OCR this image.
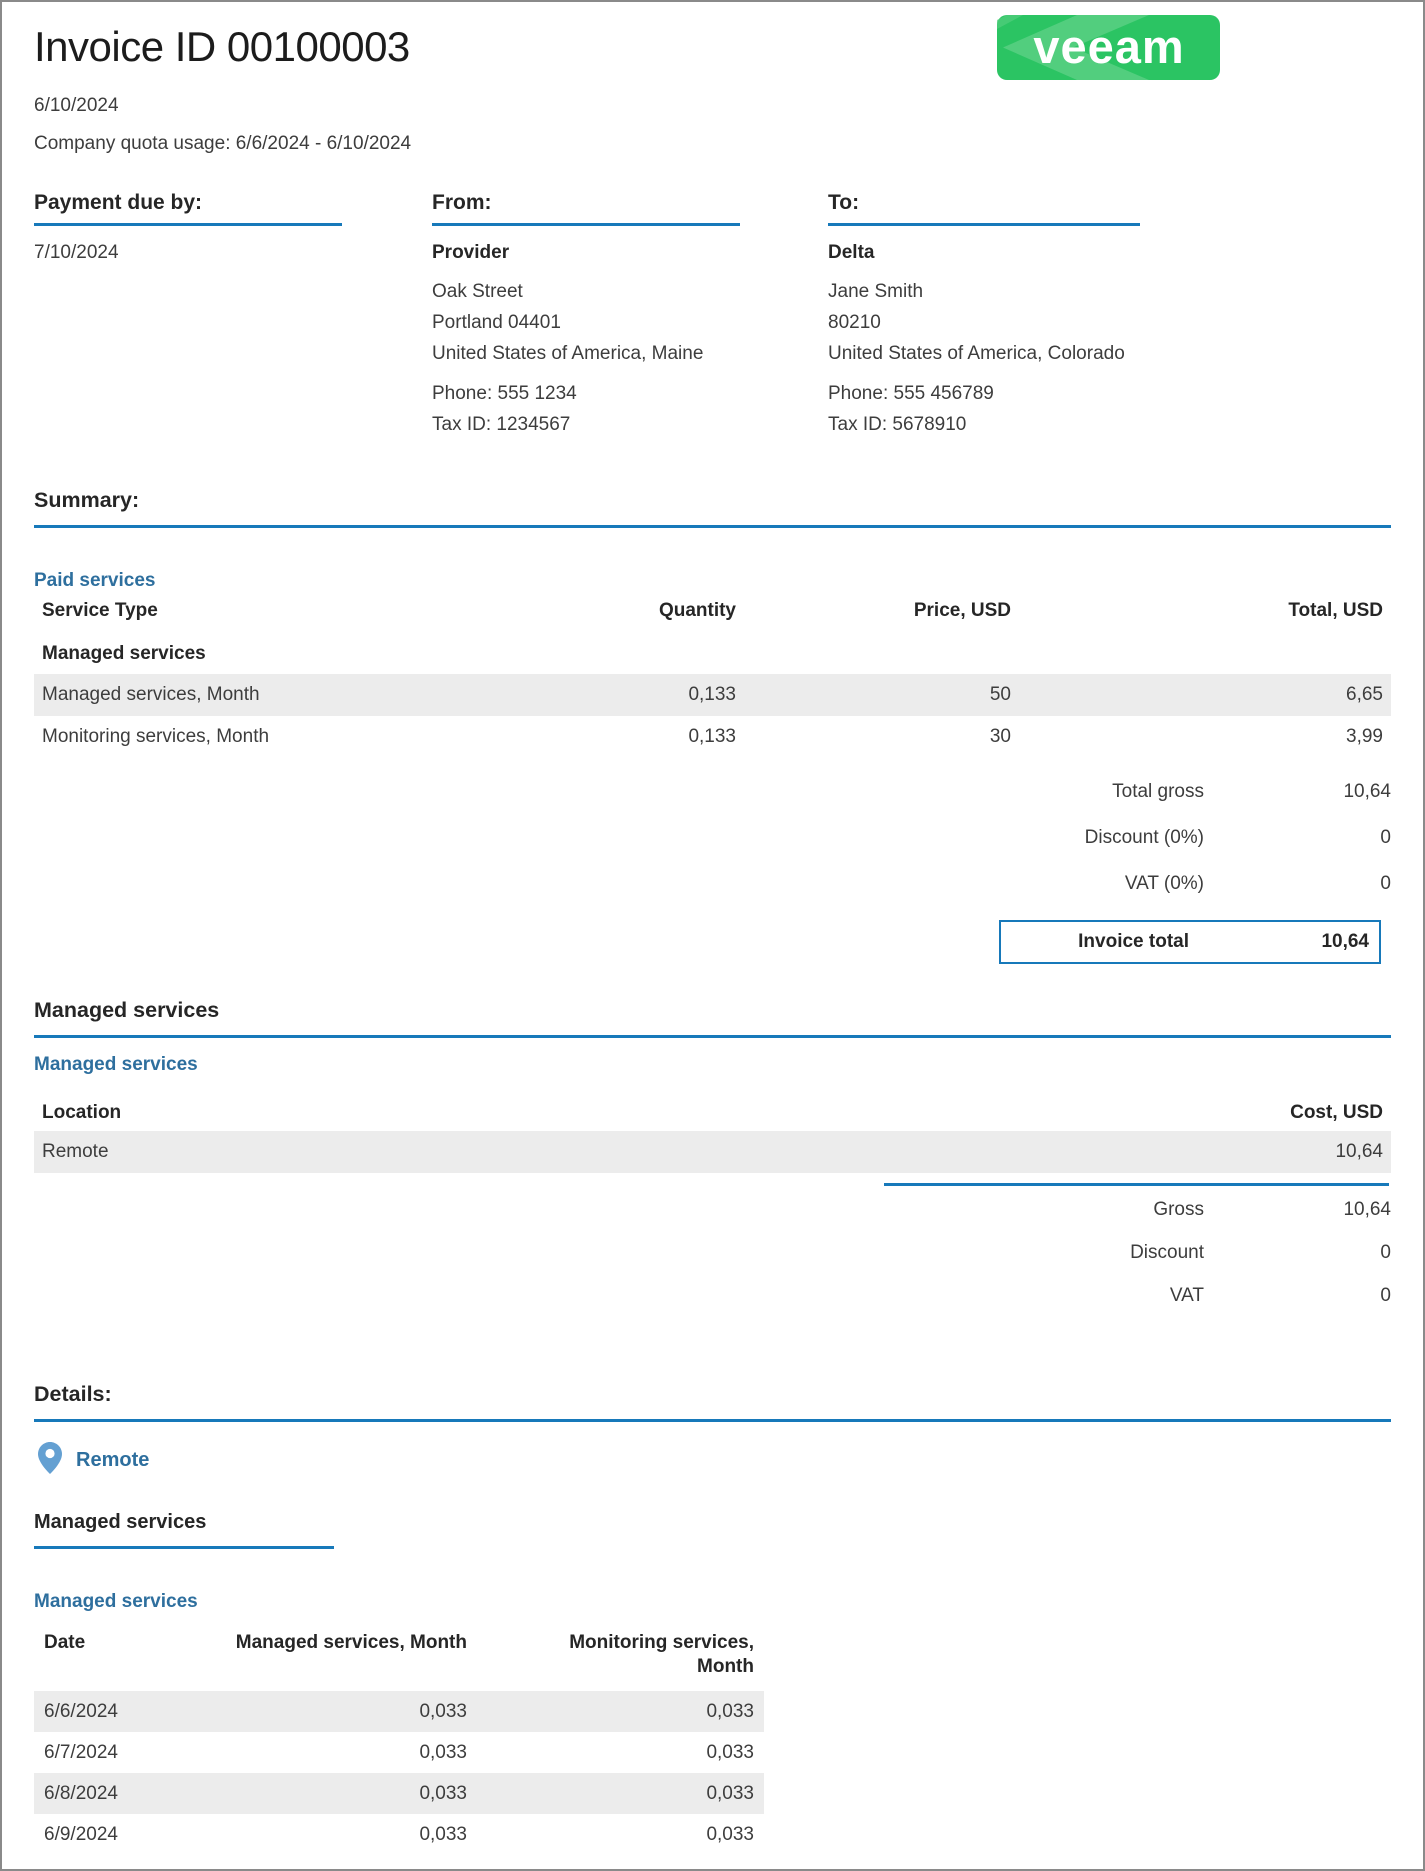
veeam
Invoice ID 00100003
6/10/2024
Company quota usage: 6/6/2024 - 6/10/2024
Payment due by:
7/10/2024
From:
Provider
Oak Street
Portland 04401
United States of America, Maine
Phone: 555 1234
Tax ID: 1234567
To:
Delta
Jane Smith
80210
United States of America, Colorado
Phone: 555 456789
Tax ID: 5678910
Summary:
Paid services
Service Type	Quantity	Price, USD	Total, USD
Managed services
Managed services, Month	0,133	50	6,65
Monitoring services, Month	0,133	30	3,99
Total gross	10,64
Discount (0%)	0
VAT (0%)	0
Invoice total	10,64
Managed services
Managed services
Location	Cost, USD
Remote	10,64
Gross	10,64
Discount	0
VAT	0
Details:
Remote
Managed services
Managed services
Date	Managed services, Month	Monitoring services, Month
6/6/2024	0,033	0,033
6/7/2024	0,033	0,033
6/8/2024	0,033	0,033
6/9/2024	0,033	0,033
